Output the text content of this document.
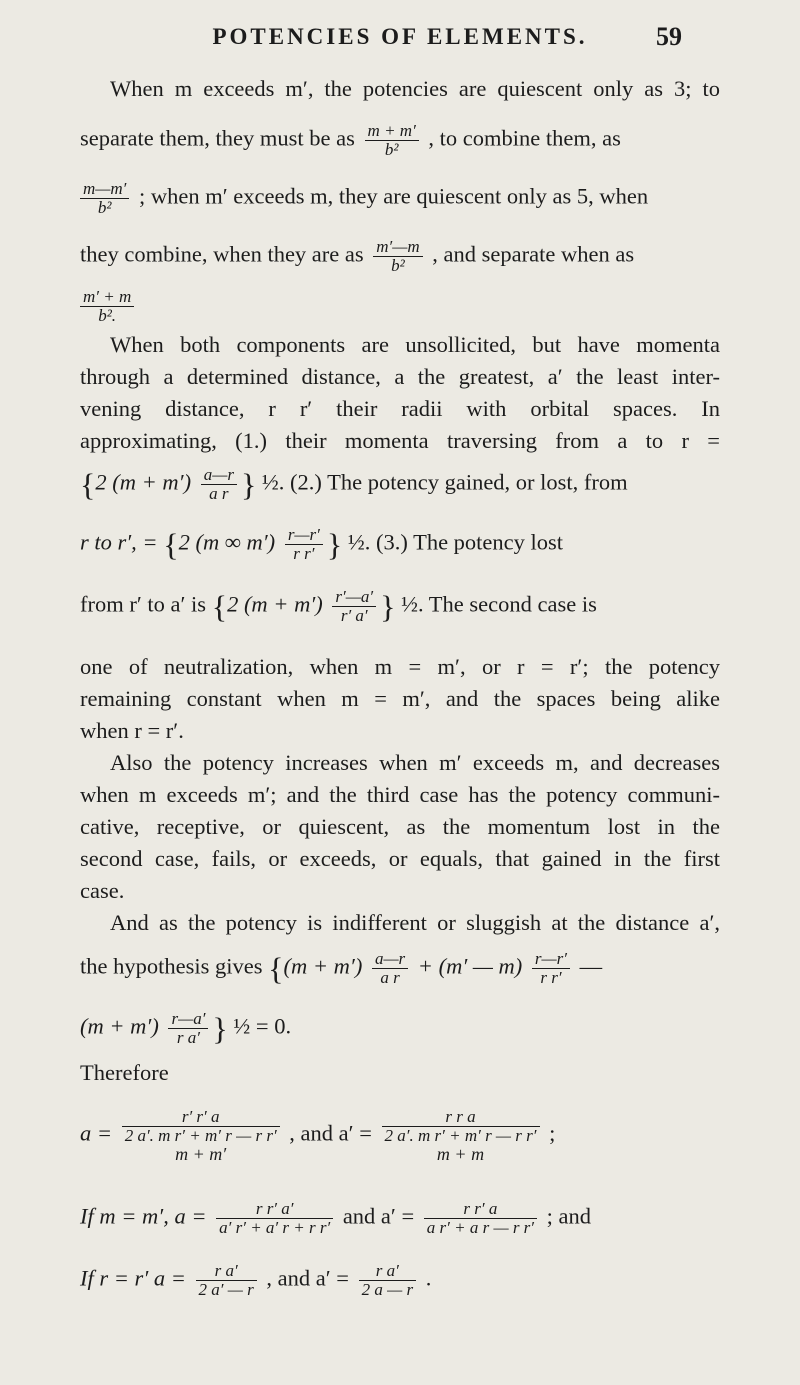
POTENCIES OF ELEMENTS.	59
When m exceeds m′, the potencies are quiescent only as 3; to
separate them, they must be as $\frac{m + m'}{\text{b²}}$ , to combine them, as
$\frac{m—m'}{\text{b²}}$ ; when m′ exceeds m, they are quiescent only as 5, when
they combine, when they are as $\frac{m'—m}{\text{b²}}$ , and separate when as
$\frac{m' + m}{\text{b².}}$
When both components are unsollicited, but have momenta
through a determined distance, a the greatest, a′ the least inter-
vening distance, r r′ their radii with orbital spaces. In
approximating, (1.) their momenta traversing from a to r =
{2 $(m + m') \frac{a—r}{\text{a r}}$ } ½. (2.) The potency gained, or lost, from
r to r′, = {2 (m ∞ $m') \frac{r—r'}{\text{r r′}}$ } ½. (3.) The potency lost
from r′ to a′ is {2 $(m + m') \frac{r'—a'}{r' a'}$ } ½. The second case is
one of neutralization, when m = m′, or r = r′; the potency
remaining constant when m = m′, and the spaces being alike
when r = r′.
Also the potency increases when m′ exceeds m, and decreases
when m exceeds m′; and the third case has the potency communi-
cative, receptive, or quiescent, as the momentum lost in the
second case, fails, or exceeds, or equals, that gained in the first
case.
And as the potency is indifferent or sluggish at the distance a′,
the hypothesis gives {$(m + m') \frac{a—r}{\text{a r}} + (m'$ — $m) \frac{r—r'}{\text{r r′}}$ —
$(m + m') \frac{r—a'}{\text{r a′}}$ } ½ = 0.
Therefore
a =
r′ r′ a
2 a′. m r′ + m′ r — r r′
m + m′
, and a′ =
r r a
2 a′. m r′ + m′ r — r r′
m + m
;
If m = m′, $a = \frac{\text{r r′ a′}}{\text{a′ r′ + a′ r + r r′}}$ and $a' = \frac{\text{r r′ a}}{\text{a r′ + a r — r r′}}$ ; and
If r = r′ $a = \frac{\text{r a′}}{2 a' — r}$ , and $a' = \frac{\text{r a′}}{2 a — r}$ .
